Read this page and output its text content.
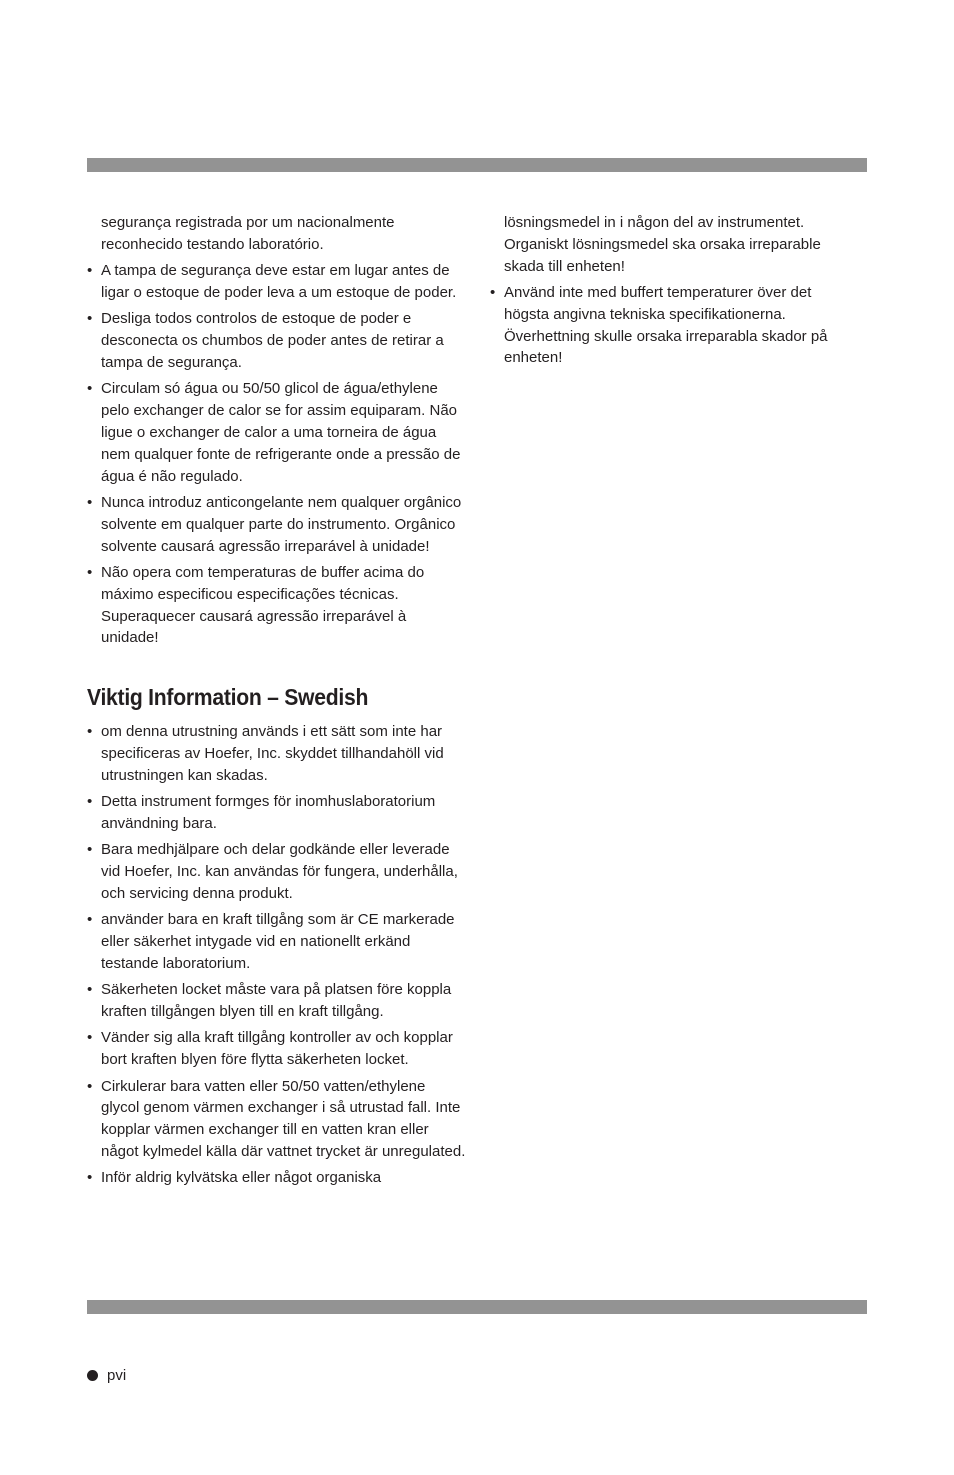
segurança registrada por um nacionalmente reconhecido testando laboratório.
• A tampa de segurança deve estar em lugar antes de ligar o estoque de poder leva a um estoque de poder.
• Desliga todos controlos de estoque de poder e desconecta os chumbos de poder antes de retirar a tampa de segurança.
• Circulam só água ou 50/50 glicol de água/ethylene pelo exchanger de calor se for assim equiparam. Não ligue o exchanger de calor a uma torneira de água nem qualquer fonte de refrigerante onde a pressão de água é não regulado.
• Nunca introduz anticongelante nem qualquer orgânico solvente em qualquer parte do instrumento. Orgânico solvente causará agressão irreparável à unidade!
• Não opera com temperaturas de buffer acima do máximo especificou especificações técnicas. Superaquecer causará agressão irreparável à unidade!
Viktig Information – Swedish
• om denna utrustning används i ett sätt som inte har specificeras av Hoefer, Inc. skyddet tillhandahöll vid utrustningen kan skadas.
• Detta instrument formges för inomhuslaboratorium användning bara.
• Bara medhjälpare och delar godkände eller leverade vid Hoefer, Inc. kan användas för fungera, underhålla, och servicing denna produkt.
• använder bara en kraft tillgång som är CE markerade eller säkerhet intygade vid en nationellt erkänd testande laboratorium.
• Säkerheten locket måste vara på platsen före koppla kraften tillgången blyen till en kraft tillgång.
• Vänder sig alla kraft tillgång kontroller av och kopplar bort kraften blyen före flytta säkerheten locket.
• Cirkulerar bara vatten eller 50/50 vatten/ethylene glycol genom värmen exchanger i så utrustad fall. Inte kopplar värmen exchanger till en vatten kran eller något kylmedel källa där vattnet trycket är unregulated.
• Inför aldrig kylvätska eller något organiska
lösningsmedel in i någon del av instrumentet. Organiskt lösningsmedel ska orsaka irreparable skada till enheten!
• Använd inte med buffert temperaturer över det högsta angivna tekniska specifikationerna. Överhettning skulle orsaka irreparabla skador på enheten!
pvi
